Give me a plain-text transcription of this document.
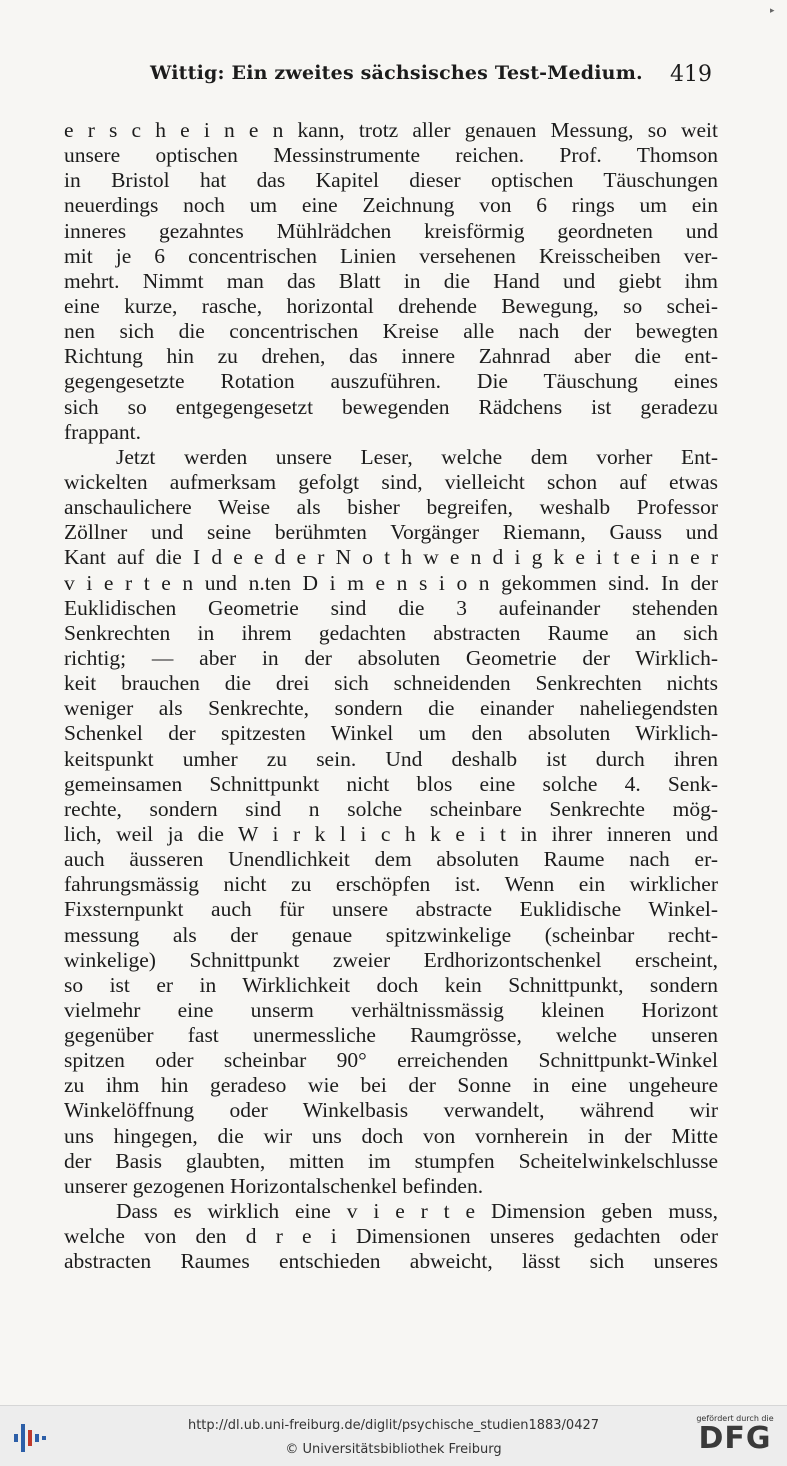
▸
Wittig: Ein zweites sächsisches Test-Medium. 419
e r s c h e i n e n kann, trotz aller genauen Messung, so weit
unsere optischen Messinstrumente reichen. Prof. Thomson
in Bristol hat das Kapitel dieser optischen Täuschungen
neuerdings noch um eine Zeichnung von 6 rings um ein
inneres gezahntes Mühlrädchen kreisförmig geordneten und
mit je 6 concentrischen Linien versehenen Kreisscheiben ver-
mehrt. Nimmt man das Blatt in die Hand und giebt ihm
eine kurze, rasche, horizontal drehende Bewegung, so schei-
nen sich die concentrischen Kreise alle nach der bewegten
Richtung hin zu drehen, das innere Zahnrad aber die ent-
gegengesetzte Rotation auszuführen. Die Täuschung eines
sich so entgegengesetzt bewegenden Rädchens ist geradezu
frappant.
Jetzt werden unsere Leser, welche dem vorher Ent-
wickelten aufmerksam gefolgt sind, vielleicht schon auf etwas
anschaulichere Weise als bisher begreifen, weshalb Professor
Zöllner und seine berühmten Vorgänger Riemann, Gauss und
Kant auf die I d e e d e r N o t h w e n d i g k e i t e i n e r
v i e r t e n und n.ten D i m e n s i o n gekommen sind. In der
Euklidischen Geometrie sind die 3 aufeinander stehenden
Senkrechten in ihrem gedachten abstracten Raume an sich
richtig; — aber in der absoluten Geometrie der Wirklich-
keit brauchen die drei sich schneidenden Senkrechten nichts
weniger als Senkrechte, sondern die einander naheliegendsten
Schenkel der spitzesten Winkel um den absoluten Wirklich-
keitspunkt umher zu sein. Und deshalb ist durch ihren
gemeinsamen Schnittpunkt nicht blos eine solche 4. Senk-
rechte, sondern sind n solche scheinbare Senkrechte mög-
lich, weil ja die W i r k l i c h k e i t in ihrer inneren und
auch äusseren Unendlichkeit dem absoluten Raume nach er-
fahrungsmässig nicht zu erschöpfen ist. Wenn ein wirklicher
Fixsternpunkt auch für unsere abstracte Euklidische Winkel-
messung als der genaue spitzwinkelige (scheinbar recht-
winkelige) Schnittpunkt zweier Erdhorizontschenkel erscheint,
so ist er in Wirklichkeit doch kein Schnittpunkt, sondern
vielmehr eine unserm verhältnissmässig kleinen Horizont
gegenüber fast unermessliche Raumgrösse, welche unseren
spitzen oder scheinbar 90° erreichenden Schnittpunkt-Winkel
zu ihm hin geradeso wie bei der Sonne in eine ungeheure
Winkelöffnung oder Winkelbasis verwandelt, während wir
uns hingegen, die wir uns doch von vornherein in der Mitte
der Basis glaubten, mitten im stumpfen Scheitelwinkelschlusse
unserer gezogenen Horizontalschenkel befinden.
Dass es wirklich eine v i e r t e Dimension geben muss,
welche von den d r e i Dimensionen unseres gedachten oder
abstracten Raumes entschieden abweicht, lässt sich unseres
http://dl.ub.uni-freiburg.de/diglit/psychische_studien1883/0427
© Universitätsbibliothek Freiburg
gefördert durch die
DFG
